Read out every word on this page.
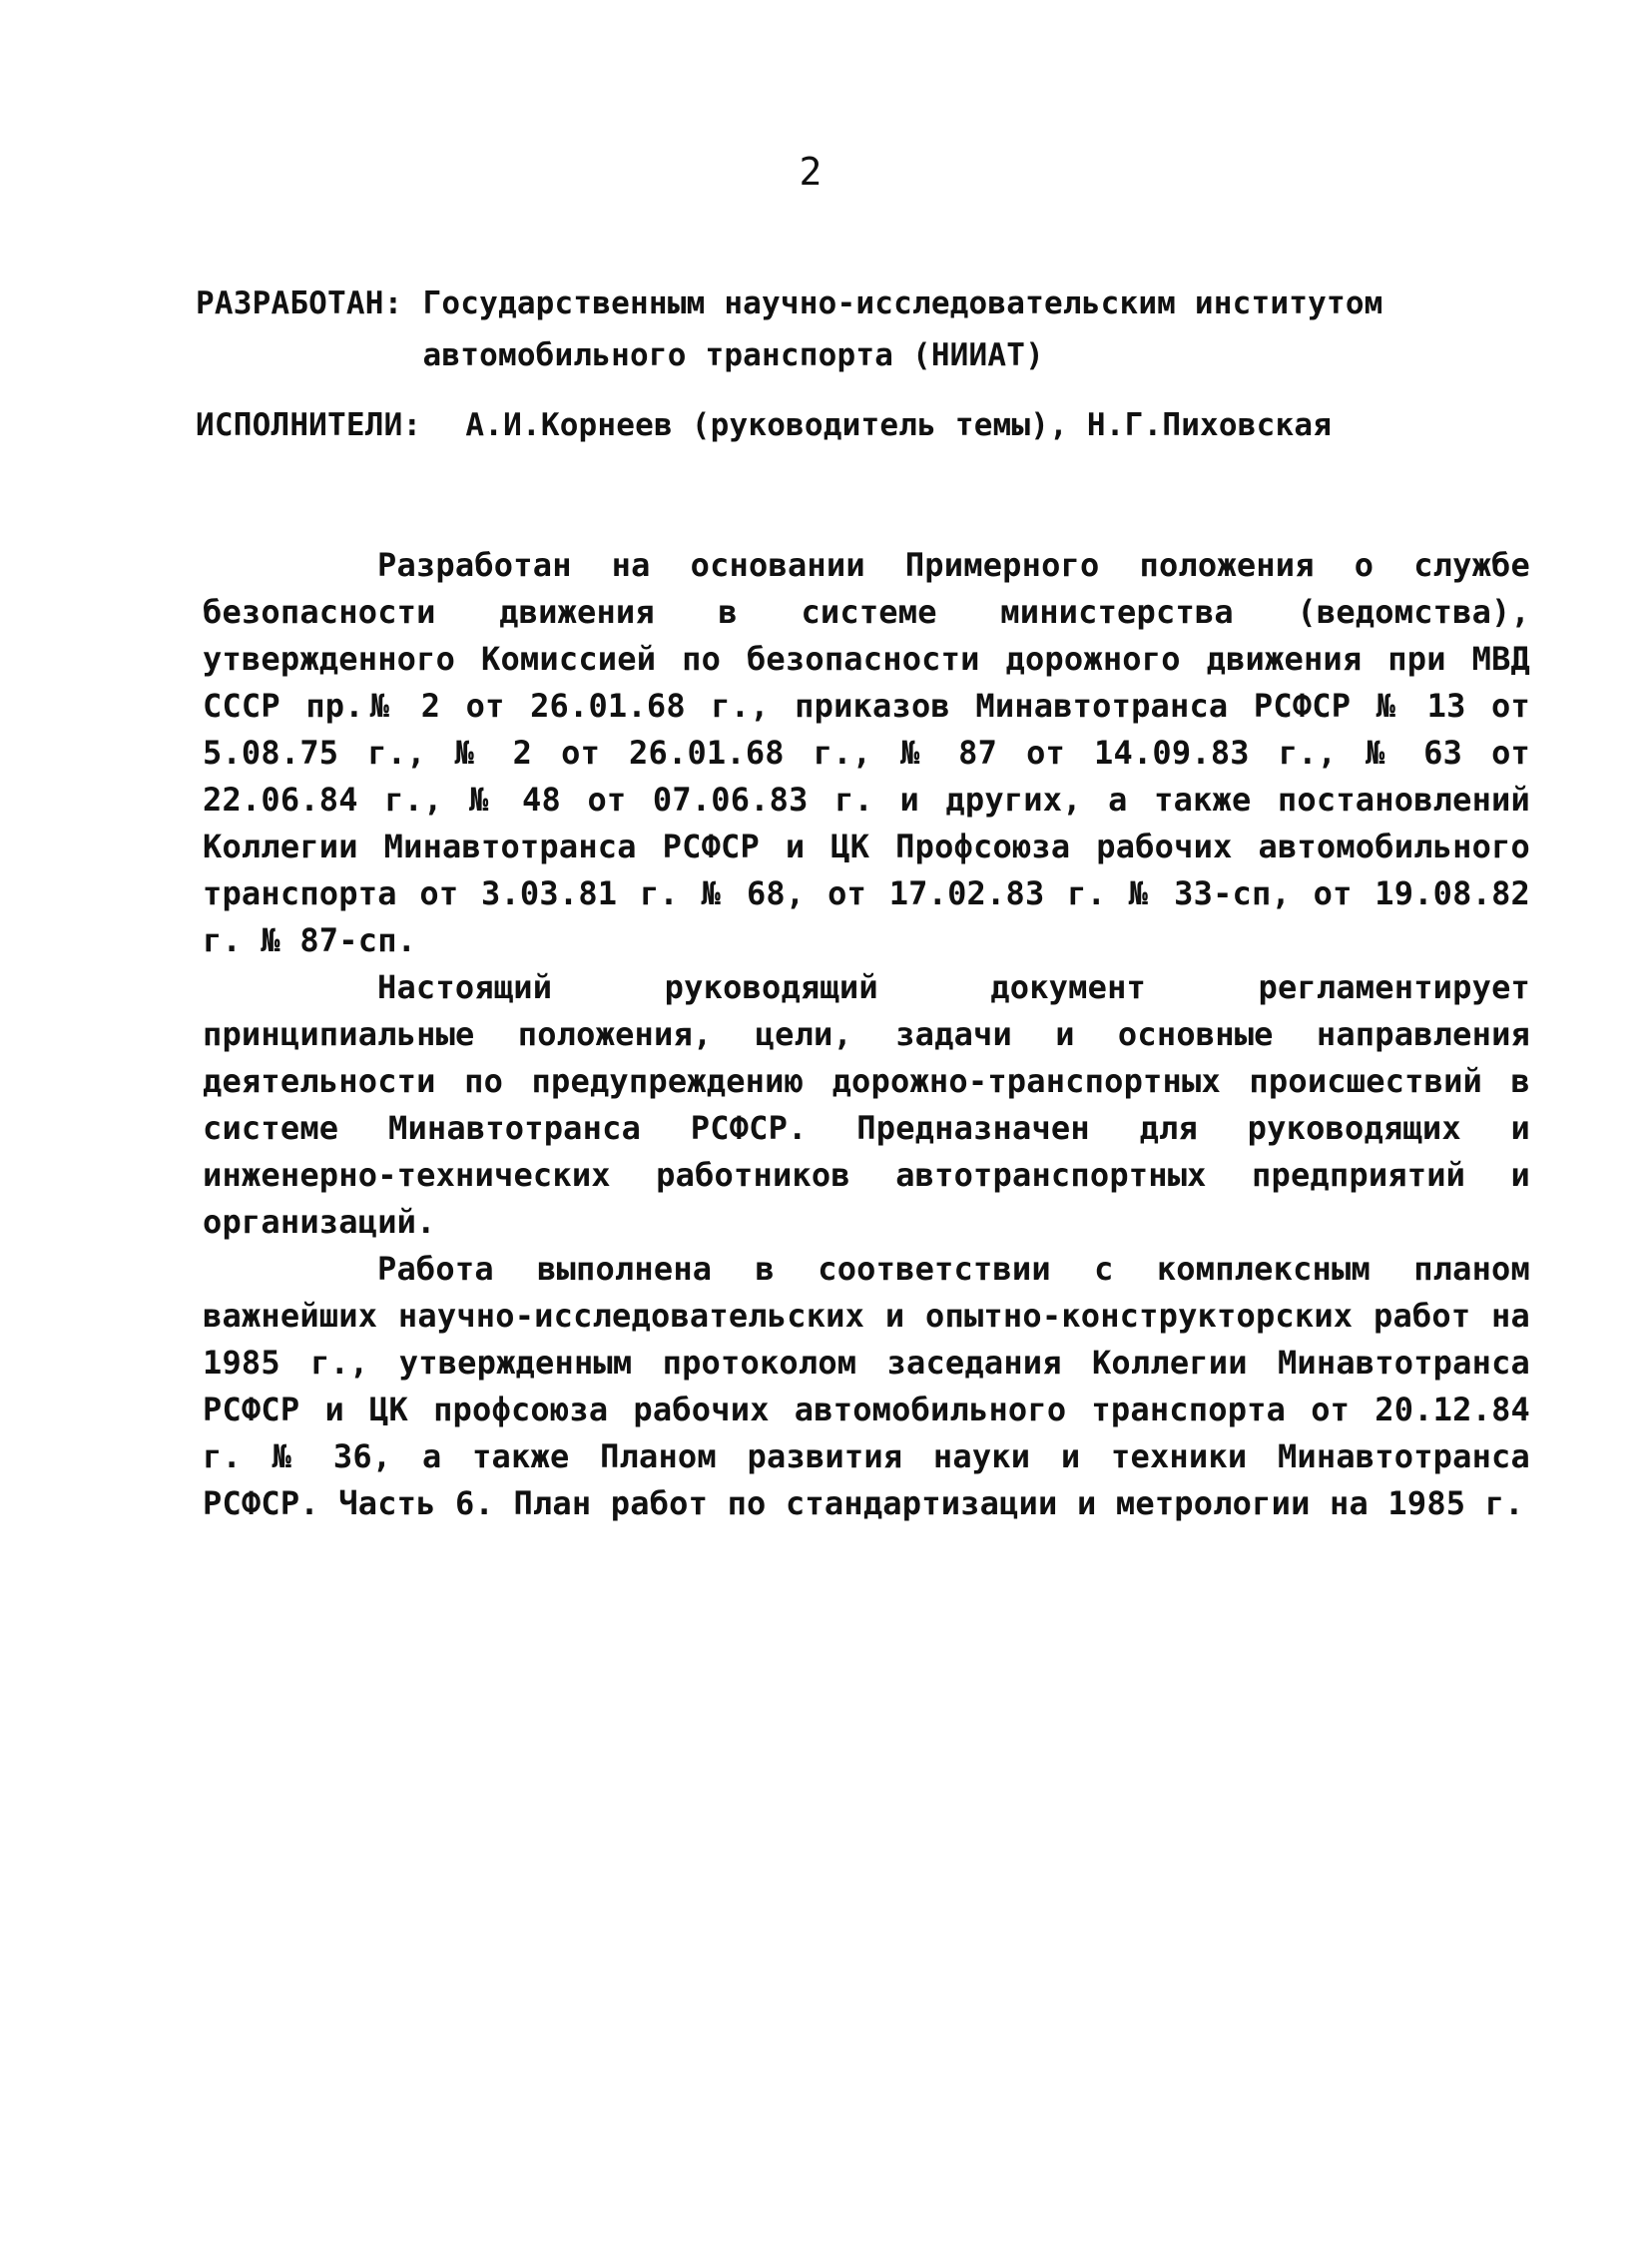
2
РАЗРАБОТАН: Государственным научно-исследовательским институтом автомобильного транспорта (НИИАТ)
ИСПОЛНИТЕЛИ: А.И.Корнеев (руководитель темы), Н.Г.Пиховская

Разработан на основании Примерного положения о службе безопасности движения в системе министерства (ведомства), утвержденного Комиссией по безопасности дорожного движения при МВД СССР пр.№ 2 от 26.01.68 г., приказов Минавтотранса РСФСР № 13 от 5.08.75 г., № 2 от 26.01.68 г., № 87 от 14.09.83 г., № 63 от 22.06.84 г., № 48 от 07.06.83 г. и других, а также постановлений Коллегии Минавтотранса РСФСР и ЦК Профсоюза рабочих автомобильного транспорта от 3.03.81 г. № 68, от 17.02.83 г. № 33-сп, от 19.08.82 г. № 87-сп.

Настоящий руководящий документ регламентирует принципиальные положения, цели, задачи и основные направления деятельности по предупреждению дорожно-транспортных происшествий в системе Минавтотранса РСФСР. Предназначен для руководящих и инженерно-технических работников автотранспортных предприятий и организаций.

Работа выполнена в соответствии с комплексным планом важнейших научно-исследовательских и опытно-конструкторских работ на 1985 г., утвержденным протоколом заседания Коллегии Минавтотранса РСФСР и ЦК профсоюза рабочих автомобильного транспорта от 20.12.84 г. № 36, а также Планом развития науки и техники Минавтотранса РСФСР. Часть 6. План работ по стандартизации и метрологии на 1985 г.
